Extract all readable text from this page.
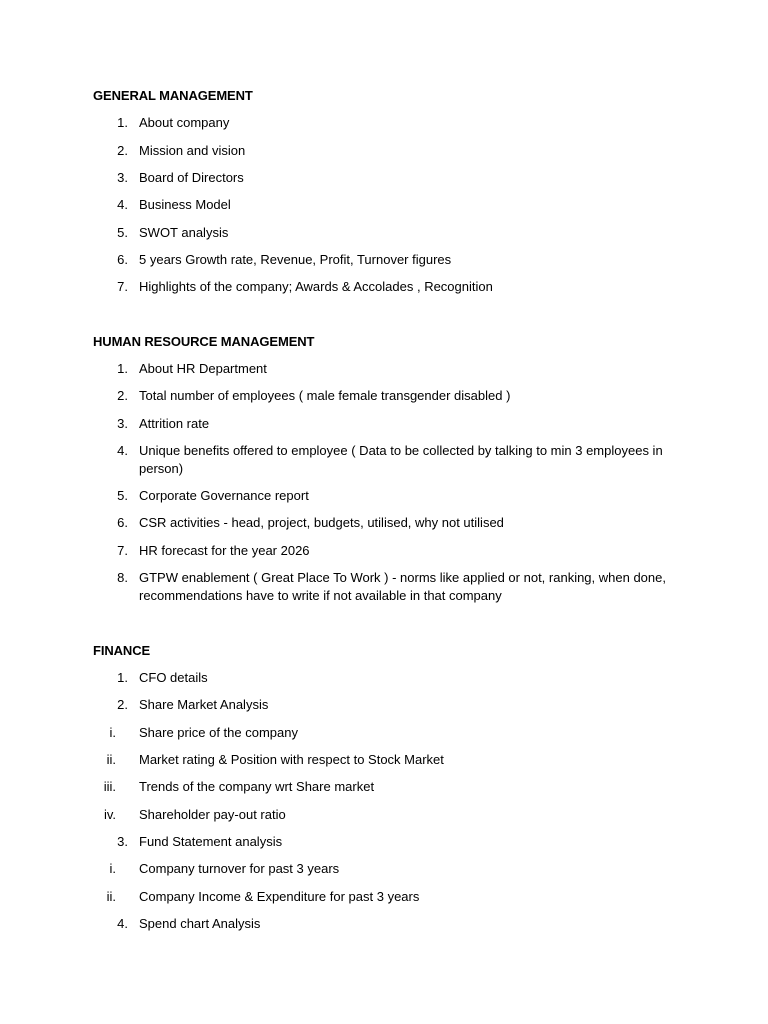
GENERAL MANAGEMENT
1. About company
2. Mission and vision
3. Board of Directors
4. Business Model
5. SWOT analysis
6. 5 years Growth rate, Revenue, Profit, Turnover figures
7. Highlights of the company; Awards & Accolades , Recognition
HUMAN RESOURCE MANAGEMENT
1. About HR Department
2. Total number of employees ( male female transgender disabled )
3. Attrition rate
4. Unique benefits offered to employee ( Data to be collected by talking to min 3 employees in person)
5. Corporate Governance report
6. CSR activities - head, project, budgets, utilised, why not utilised
7. HR forecast for the year 2026
8. GTPW enablement ( Great Place To Work ) - norms like applied or not, ranking, when done, recommendations have to write if not available in that company
FINANCE
1. CFO details
2. Share Market Analysis
i. Share price of the company
ii. Market rating & Position with respect to Stock Market
iii. Trends of the company wrt Share market
iv. Shareholder pay-out ratio
3. Fund Statement analysis
i. Company turnover for past 3 years
ii. Company Income & Expenditure for past 3 years
4. Spend chart Analysis
